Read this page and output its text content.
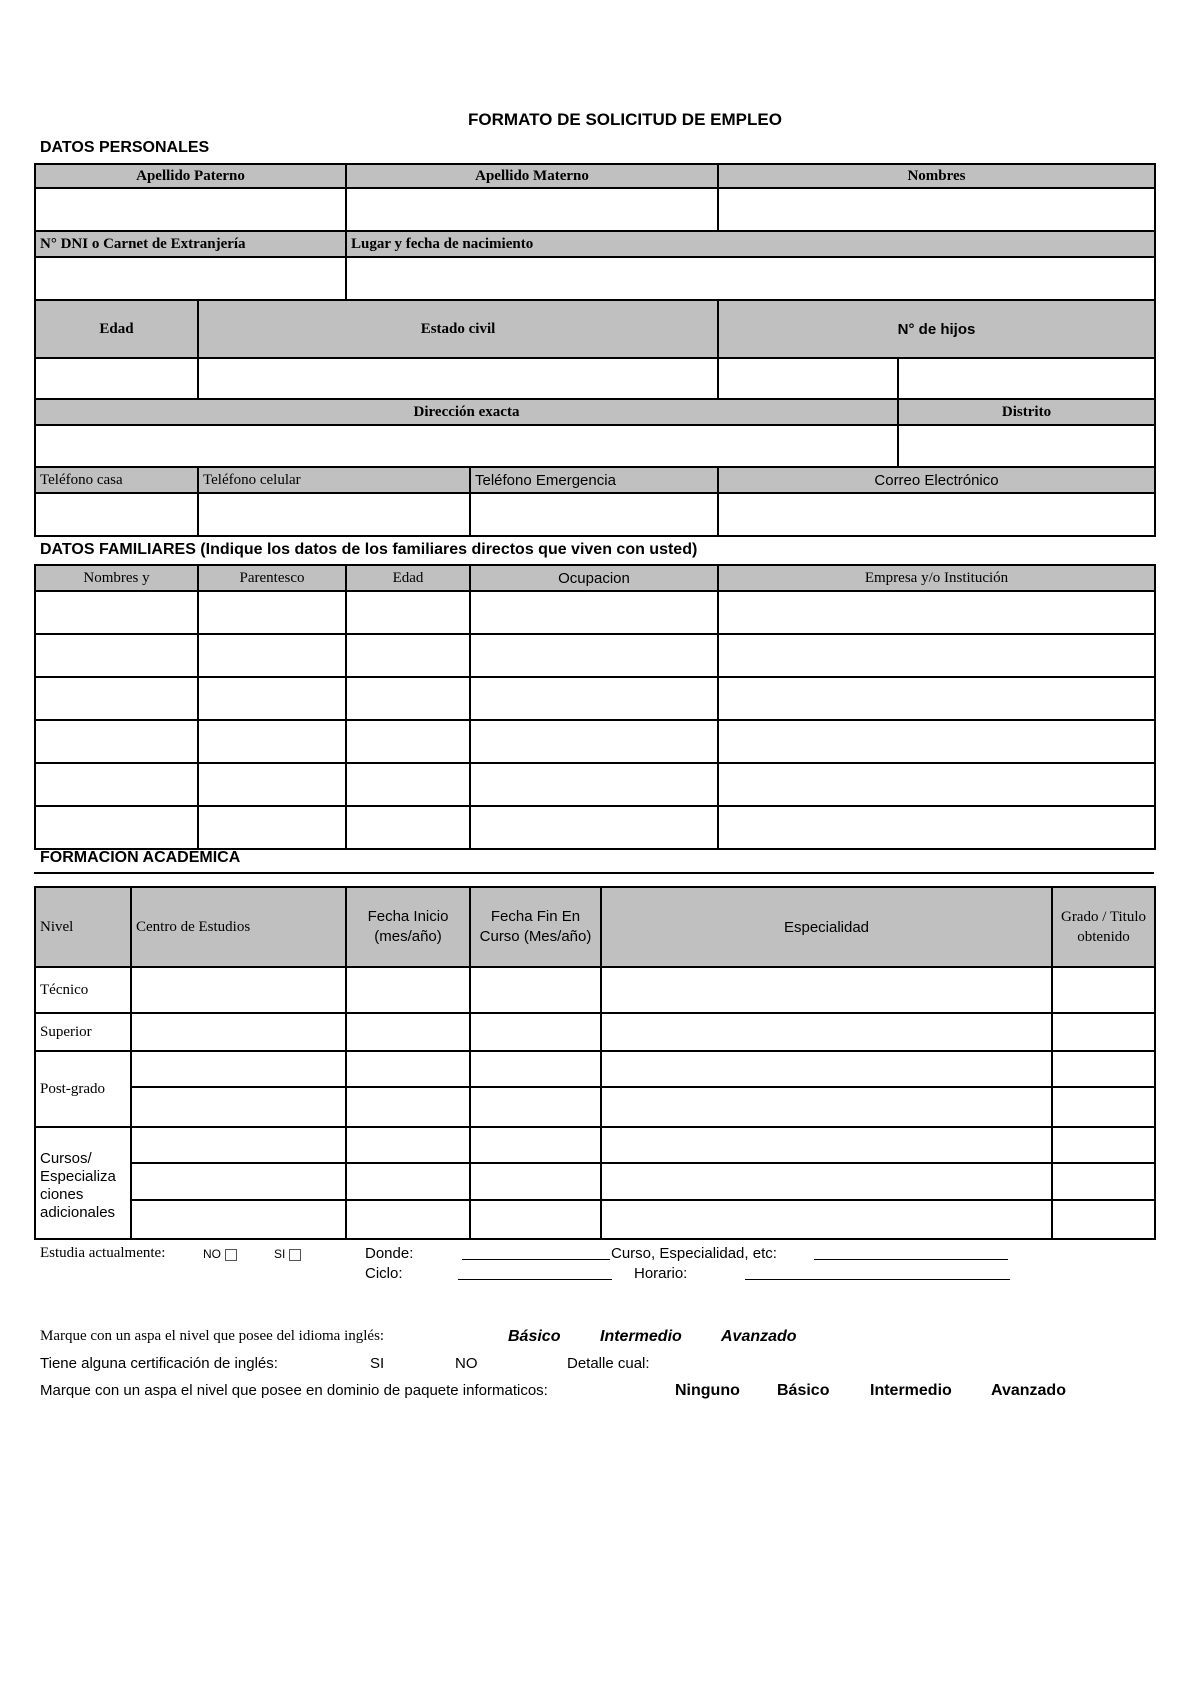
FORMATO DE SOLICITUD DE EMPLEO
DATOS PERSONALES
Apellido Paterno		Apellido Materno		Nombres	

N° DNI o Carnet de Extranjería		Lugar y fecha de nacimiento			

Edad	Estado civil			N° de hijos	

Dirección exacta					Distrito

Teléfono casa	Teléfono celular		Teléfono Emergencia	Correo Electrónico	

DATOS FAMILIARES (Indique los datos de los familiares directos que viven con usted)
Nombres y	Parentesco	Edad	Ocupacion	Empresa y/o Institución

FORMACION ACADEMICA
Nivel	Centro de Estudios	Fecha Inicio (mes/año)	Fecha Fin En Curso (Mes/año)	Especialidad	Grado / Titulo obtenido
Técnico					
Superior					
Post-grado					

Cursos/ Especializa ciones adicionales					

Estudia actualmente:	NO	SI	Donde:	Curso, Especialidad, etc:
Ciclo:	Horario:
Marque con un aspa el nivel que posee del idioma inglés:	Básico Intermedio Avanzado
Tiene alguna certificación de inglés:	SI	NO	Detalle cual:
Marque con un aspa el nivel que posee en dominio de paquete informaticos:	Ninguno Básico	Intermedio Avanzado
